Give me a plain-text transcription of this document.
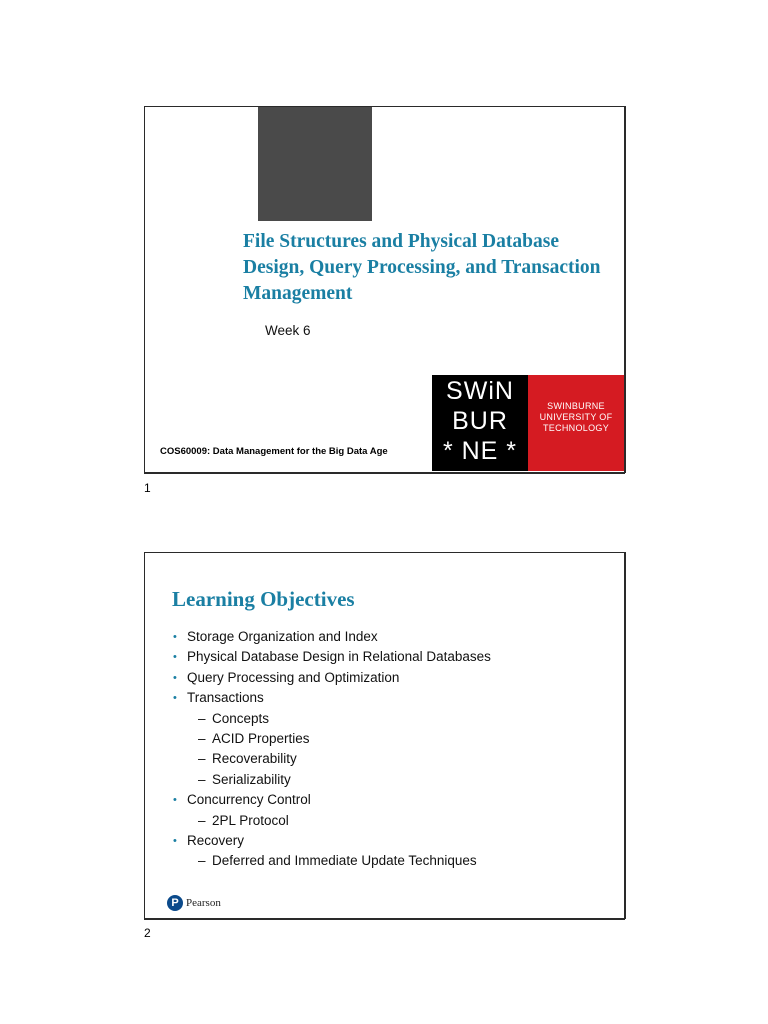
File Structures and Physical Database Design, Query Processing, and Transaction Management
Week 6
COS60009: Data Management for the Big Data Age
SWiN
BUR
* NE *
SWINBURNE
UNIVERSITY OF
TECHNOLOGY
1
Learning Objectives
• Storage Organization and Index
• Physical Database Design in Relational Databases
• Query Processing and Optimization
• Transactions
– Concepts
– ACID Properties
– Recoverability
– Serializability
• Concurrency Control
– 2PL Protocol
• Recovery
– Deferred and Immediate Update Techniques
P Pearson
2
